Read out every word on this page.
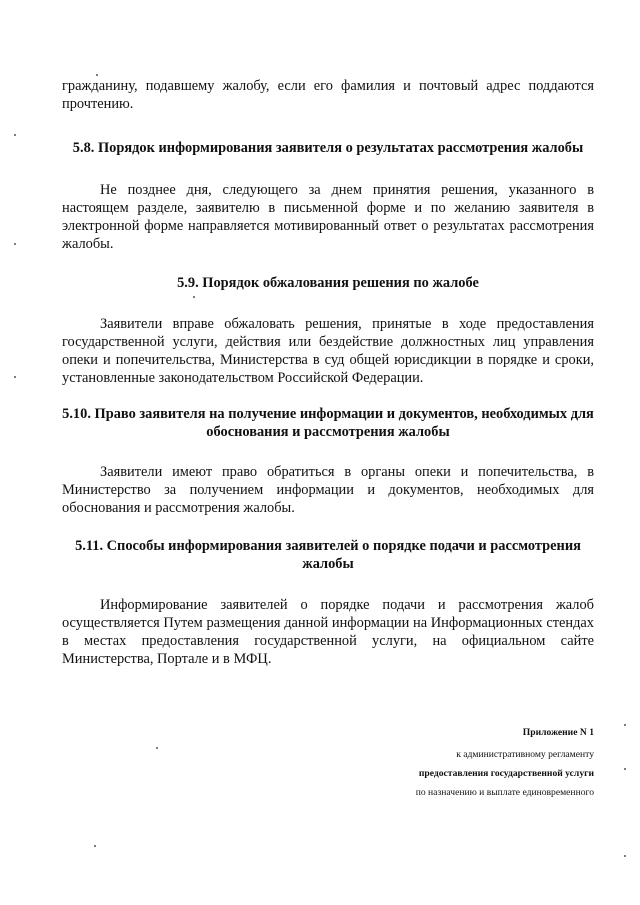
гражданину, подавшему жалобу, если его фамилия и почтовый адрес поддаются прочтению.

5.8. Порядок информирования заявителя о результатах рассмотрения жалобы

Не позднее дня, следующего за днем принятия решения, указанного в настоящем разделе, заявителю в письменной форме и по желанию заявителя в электронной форме направляется мотивированный ответ о результатах рассмотрения жалобы.

5.9. Порядок обжалования решения по жалобе

Заявители вправе обжаловать решения, принятые в ходе предоставления государственной услуги, действия или бездействие должностных лиц управления опеки и попечительства, Министерства в суд общей юрисдикции в порядке и сроки, установленные законодательством Российской Федерации.

5.10. Право заявителя на получение информации и документов, необходимых для обоснования и рассмотрения жалобы

Заявители имеют право обратиться в органы опеки и попечительства, в Министерство за получением информации и документов, необходимых для обоснования и рассмотрения жалобы.

5.11. Способы информирования заявителей о порядке подачи и рассмотрения жалобы

Информирование заявителей о порядке подачи и рассмотрения жалоб осуществляется Путем размещения данной информации на Информационных стендах в местах предоставления государственной услуги, на официальном сайте Министерства, Портале и в МФЦ.

Приложение N 1
к административному регламенту
предоставления государственной услуги
по назначению и выплате единовременного
